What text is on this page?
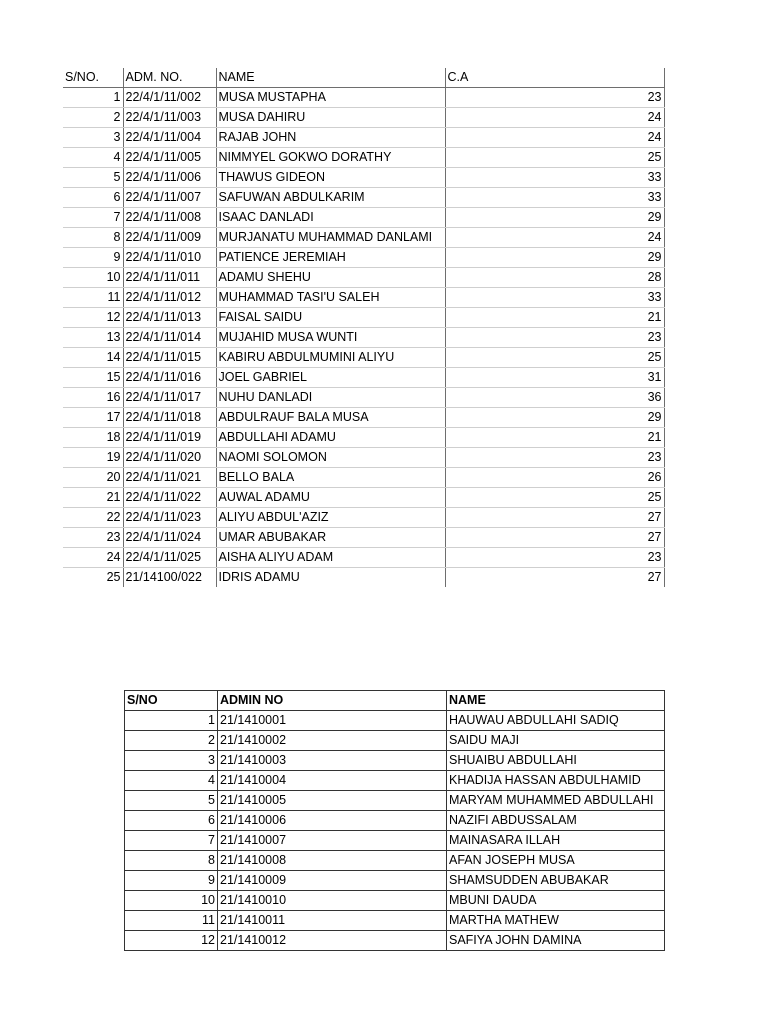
S/NO.	ADM. NO.	NAME	C.A
1	22/4/1/11/002	MUSA MUSTAPHA	23
2	22/4/1/11/003	MUSA DAHIRU	24
3	22/4/1/11/004	RAJAB JOHN	24
4	22/4/1/11/005	NIMMYEL GOKWO DORATHY	25
5	22/4/1/11/006	THAWUS GIDEON	33
6	22/4/1/11/007	SAFUWAN ABDULKARIM	33
7	22/4/1/11/008	ISAAC DANLADI	29
8	22/4/1/11/009	MURJANATU MUHAMMAD DANLAMI	24
9	22/4/1/11/010	PATIENCE JEREMIAH	29
10	22/4/1/11/011	ADAMU SHEHU	28
11	22/4/1/11/012	MUHAMMAD TASI'U SALEH	33
12	22/4/1/11/013	FAISAL SAIDU	21
13	22/4/1/11/014	MUJAHID MUSA WUNTI	23
14	22/4/1/11/015	KABIRU ABDULMUMINI ALIYU	25
15	22/4/1/11/016	JOEL GABRIEL	31
16	22/4/1/11/017	NUHU DANLADI	36
17	22/4/1/11/018	ABDULRAUF BALA MUSA	29
18	22/4/1/11/019	ABDULLAHI ADAMU	21
19	22/4/1/11/020	NAOMI SOLOMON	23
20	22/4/1/11/021	BELLO BALA	26
21	22/4/1/11/022	AUWAL ADAMU	25
22	22/4/1/11/023	ALIYU ABDUL'AZIZ	27
23	22/4/1/11/024	UMAR ABUBAKAR	27
24	22/4/1/11/025	AISHA ALIYU ADAM	23
25	21/14100/022	IDRIS ADAMU	27
S/NO	ADMIN NO	NAME
1	21/1410001	HAUWAU ABDULLAHI SADIQ
2	21/1410002	SAIDU MAJI
3	21/1410003	SHUAIBU ABDULLAHI
4	21/1410004	KHADIJA HASSAN ABDULHAMID
5	21/1410005	MARYAM MUHAMMED ABDULLAHI
6	21/1410006	NAZIFI ABDUSSALAM
7	21/1410007	MAINASARA ILLAH
8	21/1410008	AFAN JOSEPH MUSA
9	21/1410009	SHAMSUDDEN ABUBAKAR
10	21/1410010	MBUNI DAUDA
11	21/1410011	MARTHA MATHEW
12	21/1410012	SAFIYA JOHN DAMINA
